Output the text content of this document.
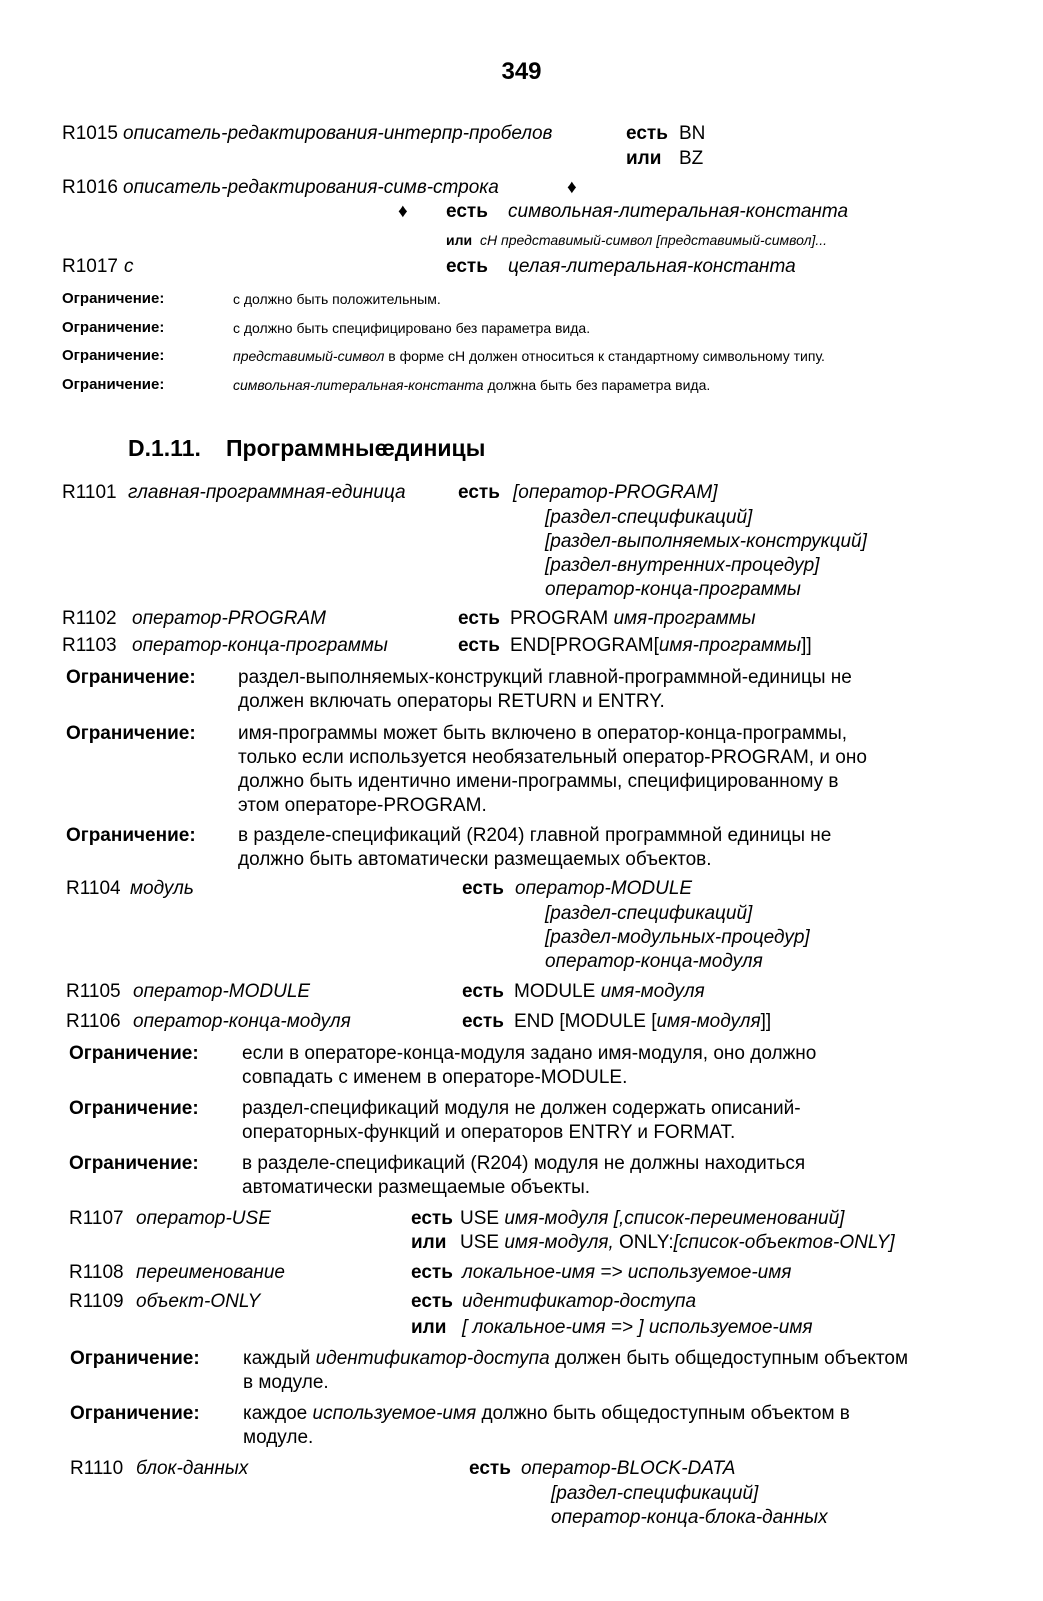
349
R1015 описатель-редактирования-интерпр-пробелов	есть BN
или BZ
R1016 описатель-редактирования-симв-строка	♦
♦ есть символьная-литеральная-константа
или cH представимый-символ [представимый-символ]...
R1017 c	есть целая-литеральная-константа
Ограничение:	c должно быть положительным.
Ограничение:	c должно быть специфицировано без параметра вида.
Ограничение:	представимый-символ в форме cH должен относиться к стандартному символьному типу.
Ограничение:	символьная-литеральная-константа должна быть без параметра вида.
D.1.11. Программные
единицы
R1101 главная-программная-единица	есть [оператор-PROGRAM]
[раздел-спецификаций]
[раздел-выполняемых-конструкций]
[раздел-внутренних-процедур]
оператор-конца-программы
R1102 оператор-PROGRAM	есть PROGRAM имя-программы
R1103 оператор-конца-программы	есть END[PROGRAM[имя-программы]]
Ограничение: раздел-выполняемых-конструкций главной-программной-единицы не
должен включать операторы RETURN и ENTRY.
Ограничение: имя-программы может быть включено в оператор-конца-программы,
только если используется необязательный оператор-PROGRAM, и оно
должно быть идентично имени-программы, специфицированному в
этом операторе-PROGRAM.
Ограничение: в разделе-спецификаций (R204) главной программной единицы не
должно быть автоматически размещаемых объектов.
R1104 модуль	есть оператор-MODULE
[раздел-спецификаций]
[раздел-модульных-процедур]
оператор-конца-модуля
R1105 оператор-MODULE	есть MODULE имя-модуля
R1106 оператор-конца-модуля	есть END [MODULE [имя-модуля]]
Ограничение: если в операторе-конца-модуля задано имя-модуля, оно должно
совпадать с именем в операторе-MODULE.
Ограничение: раздел-спецификаций модуля не должен содержать описаний-
операторных-функций и операторов ENTRY и FORMAT.
Ограничение: в разделе-спецификаций (R204) модуля не должны находиться
автоматически размещаемые объекты.
R1107 оператор-USE	есть USE имя-модуля [,список-переименований]
или USE имя-модуля, ONLY:[список-объектов-ONLY]
R1108 переименование	есть локальное-имя => используемое-имя
R1109 объект-ONLY	есть идентификатор-доступа
или [ локальное-имя => ] используемое-имя
Ограничение: каждый идентификатор-доступа должен быть общедоступным объектом
в модуле.
Ограничение: каждое используемое-имя должно быть общедоступным объектом в
модуле.
R1110 блок-данных	есть оператор-BLOCK-DATA
[раздел-спецификаций]
оператор-конца-блока-данных
